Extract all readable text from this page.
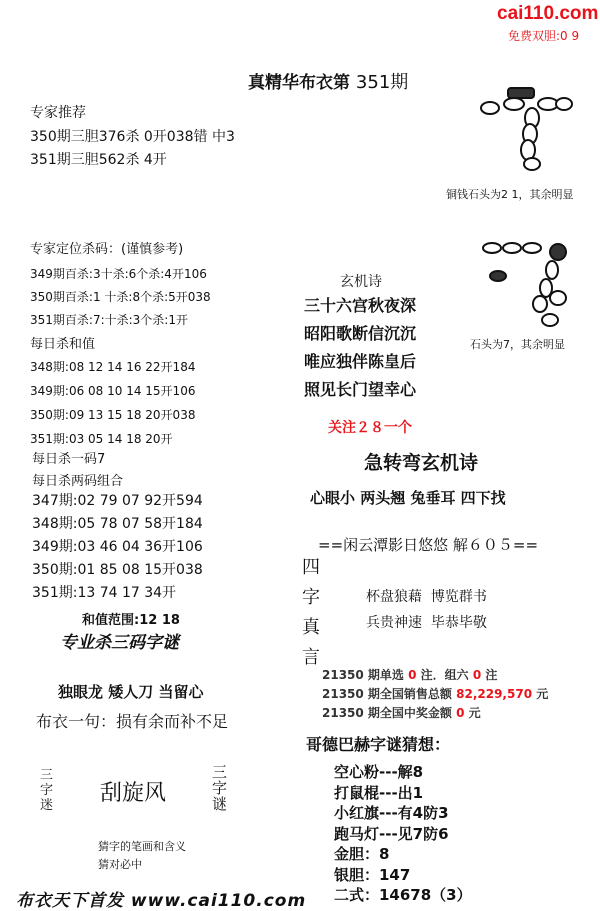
cai110.com
免费双胆:0 9
真精华布衣第 351期
专家推荐
350期三胆376杀 0开038错 中3
351期三胆562杀 4开
铜钱石头为2 1，其余明显
石头为7，其余明显
专家定位杀码：(谨慎参考)
349期百杀:3十杀:6个杀:4开106
350期百杀:1 十杀:8个杀:5开038
351期百杀:7:十杀:3个杀:1开
每日杀和值
348期:08 12 14 16 22开184
349期:06 08 10 14 15开106
350期:09 13 15 18 20开038
351期:03 05 14 18 20开
每日杀一码7
每日杀两码组合
347期:02 79 07 92开594
348期:05 78 07 58开184
349期:03 46 04 36开106
350期:01 85 08 15开038
351期:13 74 17 34开
和值范围:12 18
专业杀三码字谜
独眼龙 矮人刀 当留心
布衣一句：损有余而补不足
三字迷 刮旋风
三字谜
猜字的笔画和含义
猜对必中
布衣天下首发 www.cai110.com
玄机诗
三十六宫秋夜深
昭阳歌断信沉沉
唯应独伴陈皇后
照见长门望幸心
关注２８一个
急转弯玄机诗
心眼小 两头翘 兔垂耳 四下找
==闲云潭影日悠悠 解６０５==
四
字
真
言
杯盘狼藉  博览群书
兵贵神速  毕恭毕敬
21350 期单选 0 注．组六 0 注
21350 期全国销售总额 82,229,570 元
21350 期全国中奖金额 0 元
哥德巴赫字谜猜想：
空心粉---解8
打鼠棍---出1
小红旗---有4防3
跑马灯---见7防6
金胆：8
银胆：147
二式：14678（3）
